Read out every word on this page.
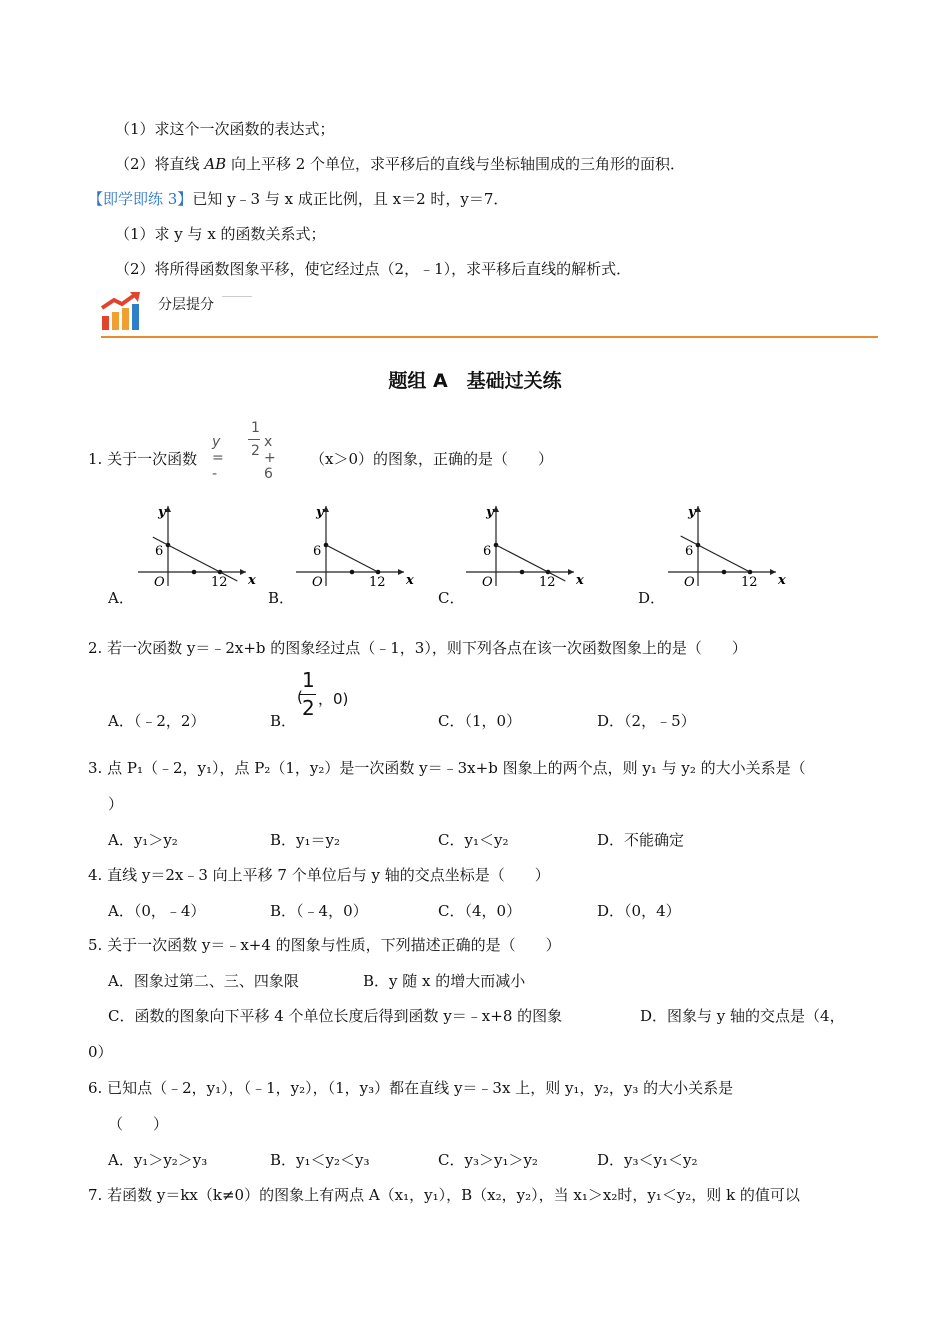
（1）求这个一次函数的表达式；
（2）将直线 AB 向上平移 2 个单位，求平移后的直线与坐标轴围成的三角形的面积．
【即学即练 3】已知 y﹣3 与 x 成正比例，且 x＝2 时，y＝7．
（1）求 y 与 x 的函数关系式；
（2）将所得函数图象平移，使它经过点（2，﹣1），求平移后直线的解析式．
分层提分
题组 A　基础过关练
1. 关于一次函数
y = -
1
2
x + 6
（x＞0）的图象，正确的是（　　）
y
x
O
6
12
y
x
O
6
12
y
x
O
6
12
y
x
O
6
12
A．	B．	C．	D．
2. 若一次函数 y＝﹣2x+b 的图象经过点（﹣1，3），则下列各点在该一次函数图象上的是（　　）
A．（﹣2，2）	B．
1
( 2 ，0)
C．（1，0）	D．（2，﹣5）
3. 点 P₁（﹣2，y₁），点 P₂（1，y₂）是一次函数 y＝﹣3x+b 图象上的两个点，则 y₁ 与 y₂ 的大小关系是（
）
A．y₁＞y₂	B．y₁＝y₂	C．y₁＜y₂	D．不能确定
4. 直线 y＝2x﹣3 向上平移 7 个单位后与 y 轴的交点坐标是（　　）
A．（0，﹣4）	B．（﹣4，0）	C．（4，0）	D．（0，4）
5. 关于一次函数 y＝﹣x+4 的图象与性质，下列描述正确的是（　　）
A．图象过第二、三、四象限	B．y 随 x 的增大而减小
C．函数的图象向下平移 4 个单位长度后得到函数 y＝﹣x+8 的图象	D．图象与 y 轴的交点是（4，
0）
6. 已知点（﹣2，y₁），（﹣1，y₂），（1，y₃）都在直线 y＝﹣3x 上，则 y₁，y₂，y₃ 的大小关系是
（　　）
A．y₁＞y₂＞y₃	B．y₁＜y₂＜y₃	C．y₃＞y₁＞y₂	D．y₃＜y₁＜y₂
7. 若函数 y＝kx（k≠0）的图象上有两点 A（x₁，y₁），B（x₂，y₂），当 x₁＞x₂时，y₁＜y₂，则 k 的值可以
